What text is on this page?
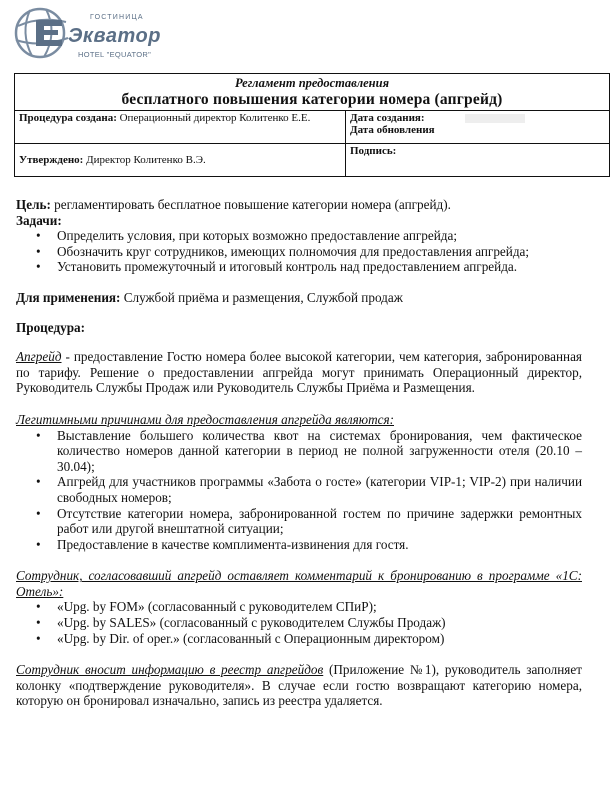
ГОСТИНИЦА
Экватор
HOTEL "EQUATOR"
Регламент предоставления
бесплатного повышения категории номера (апгрейд)	

Процедура создана: Операционный директор Колитенко Е.Е.	Дата создания:
Дата обновления

Утверждено: Директор Колитенко В.Э.	Подпись:

Цель: регламентировать бесплатное повышение категории номера (апгрейд).

Задачи:

• Определить условия, при которых возможно предоставление апгрейда;
• Обозначить круг сотрудников, имеющих полномочия для предоставления апгрейда;
• Установить промежуточный и итоговый контроль над предоставлением апгрейда.

Для применения: Службой приёма и размещения, Службой продаж

Процедура:

Апгрейд - предоставление Гостю номера более высокой категории, чем категория, забронированная по тарифу. Решение о предоставлении апгрейда могут принимать Операционный директор, Руководитель Службы Продаж или Руководитель Службы Приёма и Размещения.

Легитимными причинами для предоставления апгрейда являются:

• Выставление большего количества квот на системах бронирования, чем фактическое количество номеров данной категории в период не полной загруженности отеля (20.10 – 30.04);
• Апгрейд для участников программы «Забота о госте» (категории VIP-1; VIP-2) при наличии свободных номеров;
• Отсутствие категории номера, забронированной гостем по причине задержки ремонтных работ или другой внештатной ситуации;
• Предоставление в качестве комплимента-извинения для гостя.

Сотрудник, согласовавший апгрейд оставляет комментарий к бронированию в программе «1С: Отель»:

• «Upg. by FOM» (согласованный с руководителем СПиР);
• «Upg. by SALES» (согласованный с руководителем Службы Продаж)
• «Upg. by Dir. of oper.» (согласованный с Операционным директором)

Сотрудник вносит информацию в реестр апгрейдов (Приложение №1), руководитель заполняет колонку «подтверждение руководителя». В случае если гостю возвращают категорию номера, которую он бронировал изначально, запись из реестра удаляется.
